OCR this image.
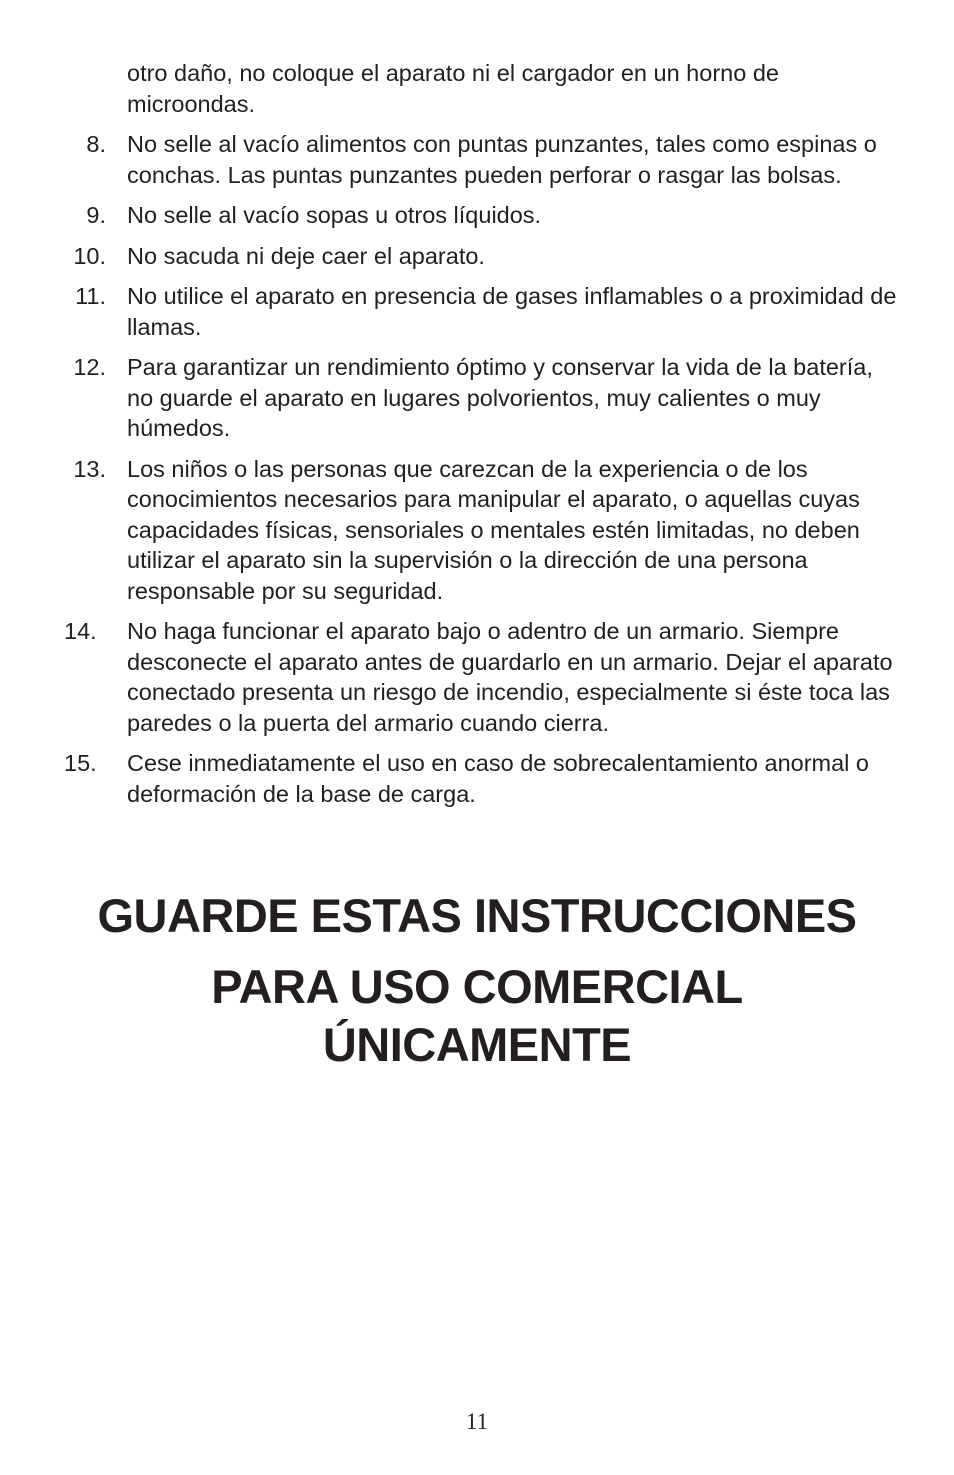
otro daño, no coloque el aparato ni el cargador en un horno de microondas.

8. No selle al vacío alimentos con puntas punzantes, tales como espinas o conchas. Las puntas punzantes pueden perforar o rasgar las bolsas.
9. No selle al vacío sopas u otros líquidos.
10. No sacuda ni deje caer el aparato.
11. No utilice el aparato en presencia de gases inflamables o a proximidad de llamas.
12. Para garantizar un rendimiento óptimo y conservar la vida de la batería, no guarde el aparato en lugares polvorientos, muy calientes o muy húmedos.
13. Los niños o las personas que carezcan de la experiencia o de los conocimientos necesarios para manipular el aparato, o aquellas cuyas capacidades físicas, sensoriales o mentales estén limitadas, no deben utilizar el aparato sin la supervisión o la dirección de una persona responsable por su seguridad.
14. No haga funcionar el aparato bajo o adentro de un armario. Siempre desconecte el aparato antes de guardarlo en un armario. Dejar el aparato conectado presenta un riesgo de incendio, especialmente si éste toca las paredes o la puerta del armario cuando cierra.
15. Cese inmediatamente el uso en caso de sobrecalentamiento anormal o deformación de la base de carga.
GUARDE ESTAS INSTRUCCIONES
PARA USO COMERCIAL
ÚNICAMENTE
11
